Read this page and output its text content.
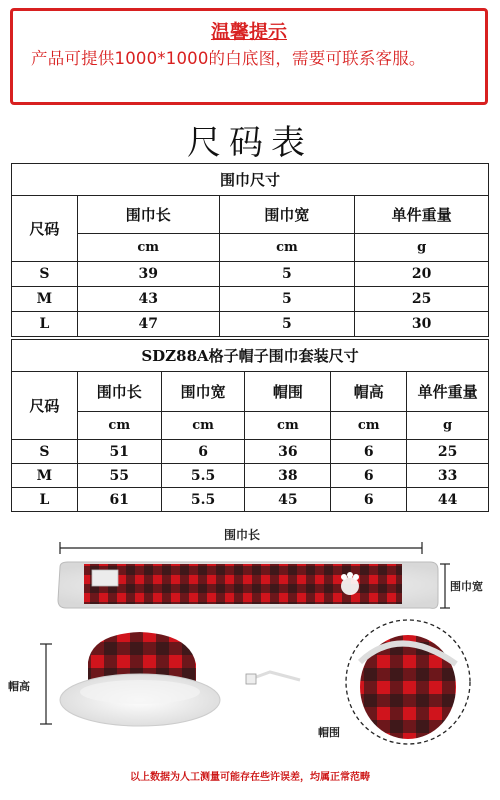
温馨提示
产品可提供1000*1000的白底图，需要可联系客服。
尺码表
围巾尺寸			
尺码	围巾长	围巾宽	单件重量
	cm	cm	g
S	39	5	20
M	43	5	25
L	47	5	30
SDZ88A格子帽子围巾套装尺寸					
尺码	围巾长	围巾宽	帽围	帽高	单件重量
	cm	cm	cm	cm	g
S	51	6	36	6	25
M	55	5.5	38	6	33
L	61	5.5	45	6	44
围巾长
围巾宽
帽高
帽围
以上数据为人工测量可能存在些许误差，均属正常范畴
